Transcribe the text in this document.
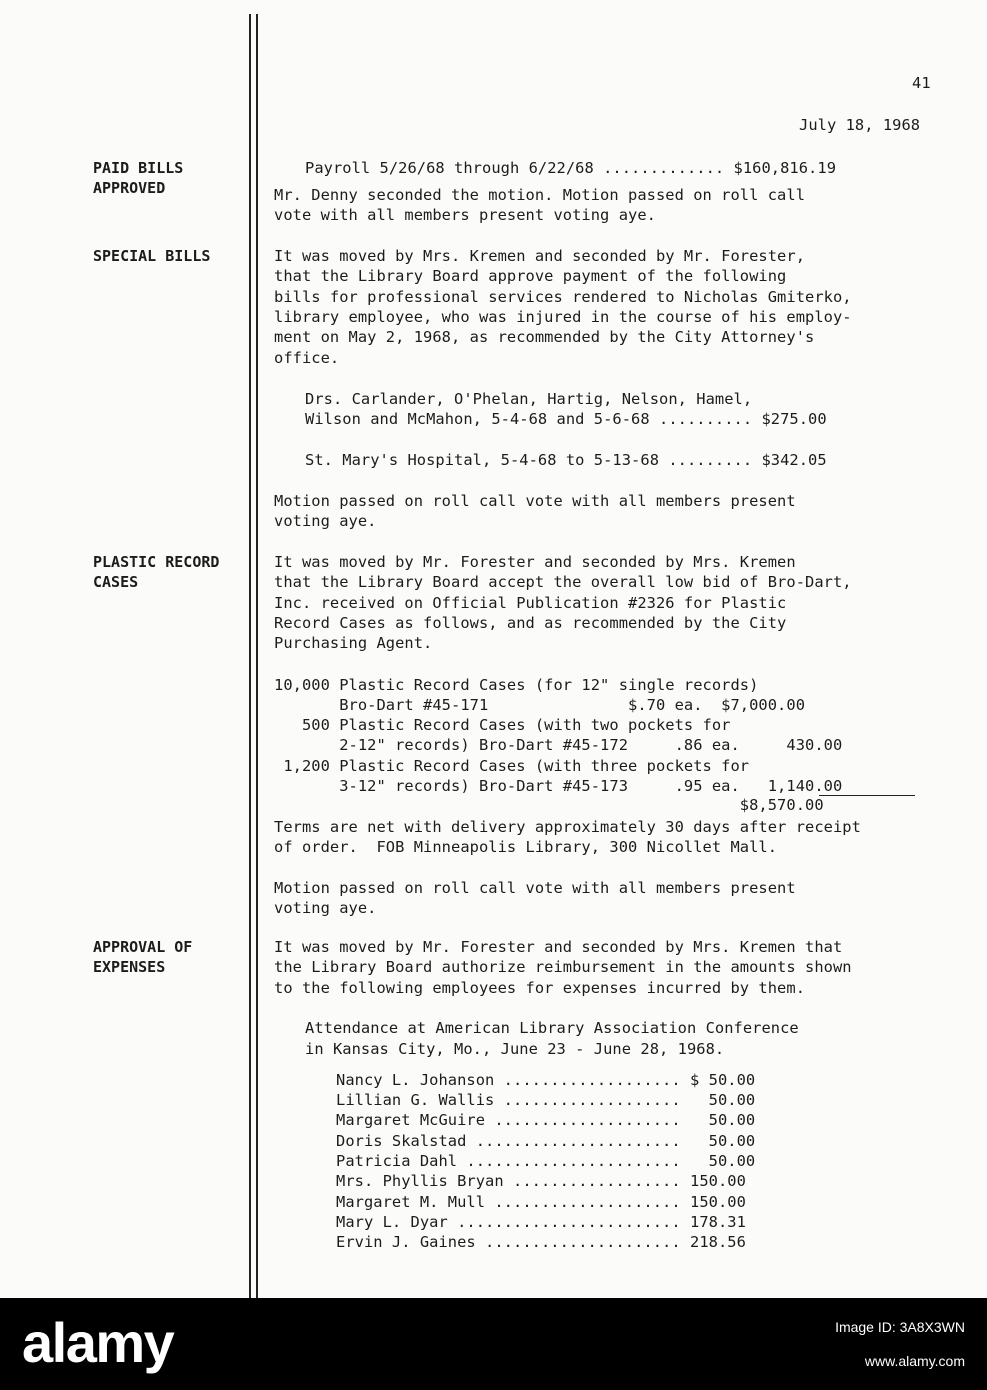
41
July 18, 1968
PAID BILLS
APPROVED
SPECIAL BILLS
PLASTIC RECORD
CASES
APPROVAL OF
EXPENSES
Payroll 5/26/68 through 6/22/68 ............. $160,816.19
Mr. Denny seconded the motion. Motion passed on roll call
vote with all members present voting aye.
It was moved by Mrs. Kremen and seconded by Mr. Forester,
that the Library Board approve payment of the following
bills for professional services rendered to Nicholas Gmiterko,
library employee, who was injured in the course of his employ-
ment on May 2, 1968, as recommended by the City Attorney's
office.
Drs. Carlander, O'Phelan, Hartig, Nelson, Hamel,
Wilson and McMahon, 5-4-68 and 5-6-68 .......... $275.00
St. Mary's Hospital, 5-4-68 to 5-13-68 ......... $342.05
Motion passed on roll call vote with all members present
voting aye.
It was moved by Mr. Forester and seconded by Mrs. Kremen
that the Library Board accept the overall low bid of Bro-Dart,
Inc. received on Official Publication #2326 for Plastic
Record Cases as follows, and as recommended by the City
Purchasing Agent.
10,000 Plastic Record Cases (for 12" single records)
Bro-Dart #45-171               $.70 ea.  $7,000.00
500 Plastic Record Cases (with two pockets for
2-12" records) Bro-Dart #45-172     .86 ea.     430.00
1,200 Plastic Record Cases (with three pockets for
3-12" records) Bro-Dart #45-173     .95 ea.   1,140.00
$8,570.00
Terms are net with delivery approximately 30 days after receipt
of order.  FOB Minneapolis Library, 300 Nicollet Mall.
Motion passed on roll call vote with all members present
voting aye.
It was moved by Mr. Forester and seconded by Mrs. Kremen that
the Library Board authorize reimbursement in the amounts shown
to the following employees for expenses incurred by them.
Attendance at American Library Association Conference
in Kansas City, Mo., June 23 - June 28, 1968.
Nancy L. Johanson ................... $ 50.00
Lillian G. Wallis ...................   50.00
Margaret McGuire ....................   50.00
Doris Skalstad ......................   50.00
Patricia Dahl .......................   50.00
Mrs. Phyllis Bryan .................. 150.00
Margaret M. Mull .................... 150.00
Mary L. Dyar ........................ 178.31
Ervin J. Gaines ..................... 218.56
alamy	Image ID: 3A8X3WN
www.alamy.com
